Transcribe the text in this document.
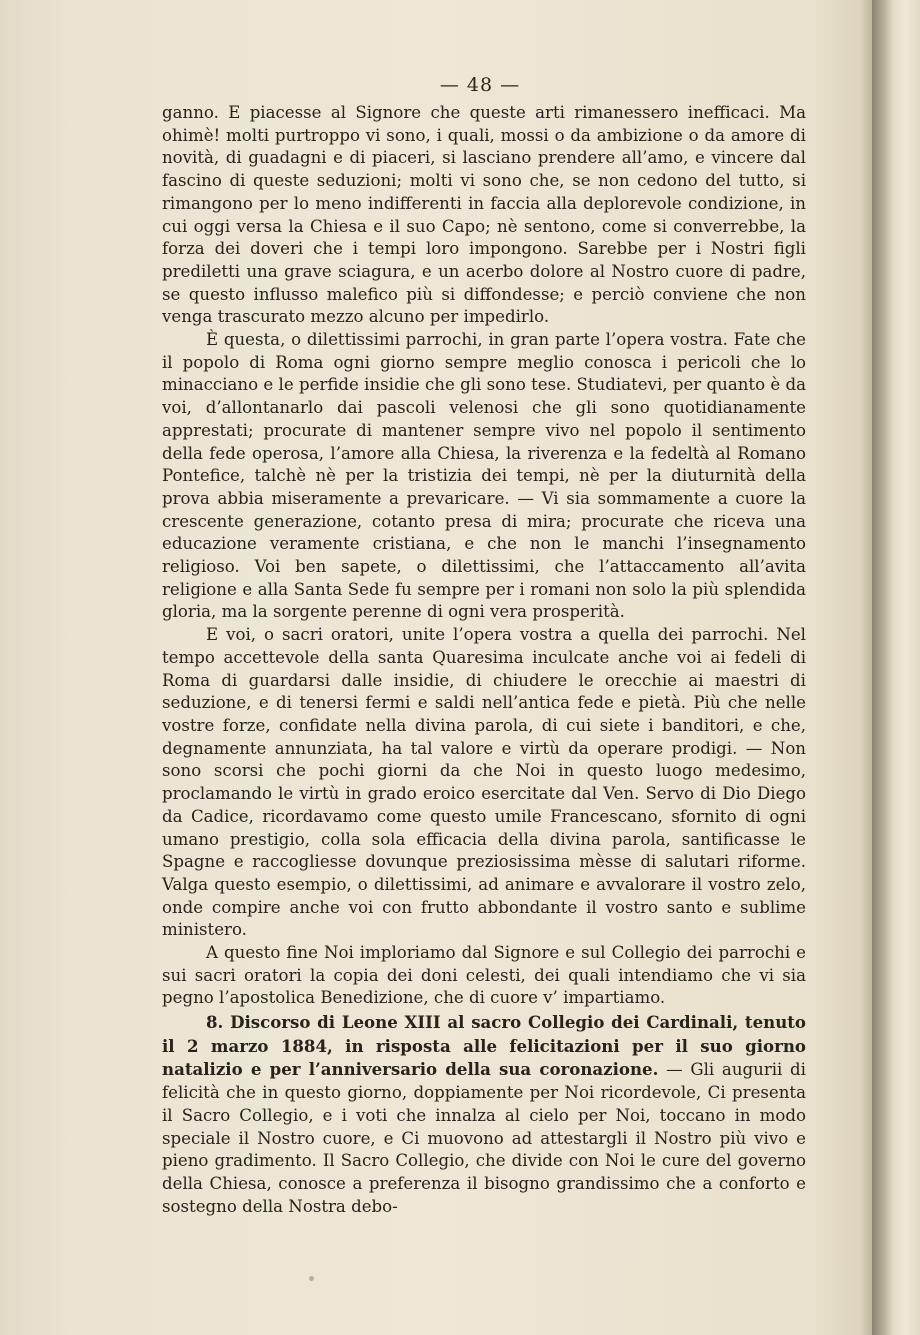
— 48 —

ganno. E piacesse al Signore che queste arti rimanessero inefficaci. Ma ohimè! molti purtroppo vi sono, i quali, mossi o da ambizione o da amore di novità, di guadagni e di piaceri, si lasciano prendere all’amo, e vincere dal fascino di queste seduzioni; molti vi sono che, se non cedono del tutto, si rimangono per lo meno indifferenti in faccia alla deplorevole condizione, in cui oggi versa la Chiesa e il suo Capo; nè sentono, come si converrebbe, la forza dei doveri che i tempi loro impongono. Sarebbe per i Nostri figli prediletti una grave sciagura, e un acerbo dolore al Nostro cuore di padre, se questo influsso malefico più si diffondesse; e perciò conviene che non venga trascurato mezzo alcuno per impedirlo.

È questa, o dilettissimi parrochi, in gran parte l’opera vostra. Fate che il popolo di Roma ogni giorno sempre meglio conosca i pericoli che lo minacciano e le perfide insidie che gli sono tese. Studiatevi, per quanto è da voi, d’allontanarlo dai pascoli velenosi che gli sono quotidianamente apprestati; procurate di mantener sempre vivo nel popolo il sentimento della fede operosa, l’amore alla Chiesa, la riverenza e la fedeltà al Romano Pontefice, talchè nè per la tristizia dei tempi, nè per la diuturnità della prova abbia miseramente a prevaricare. — Vi sia sommamente a cuore la crescente generazione, cotanto presa di mira; procurate che riceva una educazione veramente cristiana, e che non le manchi l’insegnamento religioso. Voi ben sapete, o dilettissimi, che l’attaccamento all’avita religione e alla Santa Sede fu sempre per i romani non solo la più splendida gloria, ma la sorgente perenne di ogni vera prosperità.

E voi, o sacri oratori, unite l’opera vostra a quella dei parrochi. Nel tempo accettevole della santa Quaresima inculcate anche voi ai fedeli di Roma di guardarsi dalle insidie, di chiudere le orecchie ai maestri di seduzione, e di tenersi fermi e saldi nell’antica fede e pietà. Più che nelle vostre forze, confidate nella divina parola, di cui siete i banditori, e che, degnamente annunziata, ha tal valore e virtù da operare prodigi. — Non sono scorsi che pochi giorni da che Noi in questo luogo medesimo, proclamando le virtù in grado eroico esercitate dal Ven. Servo di Dio Diego da Cadice, ricordavamo come questo umile Francescano, sfornito di ogni umano prestigio, colla sola efficacia della divina parola, santificasse le Spagne e raccogliesse dovunque preziosissima mèsse di salutari riforme. Valga questo esempio, o dilettissimi, ad animare e avvalorare il vostro zelo, onde compire anche voi con frutto abbondante il vostro santo e sublime ministero.

A questo fine Noi imploriamo dal Signore e sul Collegio dei parrochi e sui sacri oratori la copia dei doni celesti, dei quali intendiamo che vi sia pegno l’apostolica Benedizione, che di cuore v’ impartiamo.

8. Discorso di Leone XIII al sacro Collegio dei Cardinali, tenuto il 2 marzo 1884, in risposta alle felicitazioni per il suo giorno natalizio e per l’anniversario della sua coronazione. — Gli augurii di felicità che in questo giorno, doppiamente per Noi ricordevole, Ci presenta il Sacro Collegio, e i voti che innalza al cielo per Noi, toccano in modo speciale il Nostro cuore, e Ci muovono ad attestargli il Nostro più vivo e pieno gradimento. Il Sacro Collegio, che divide con Noi le cure del governo della Chiesa, conosce a preferenza il bisogno grandissimo che a conforto e sostegno della Nostra debo-
